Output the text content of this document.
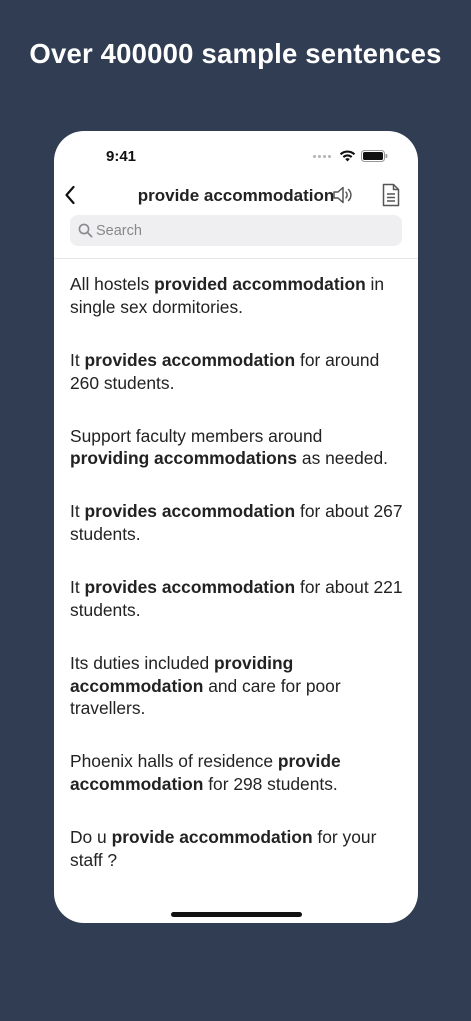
Over 400000 sample sentences
9:41
provide accommodation
Search

All hostels provided accommodation in single sex dormitories.

It provides accommodation for around 260 students.

Support faculty members around providing accommodations as needed.

It provides accommodation for about 267 students.

It provides accommodation for about 221 students.

Its duties included providing accommodation and care for poor travellers.

Phoenix halls of residence provide accommodation for 298 students.

Do u provide accommodation for your staff ?
